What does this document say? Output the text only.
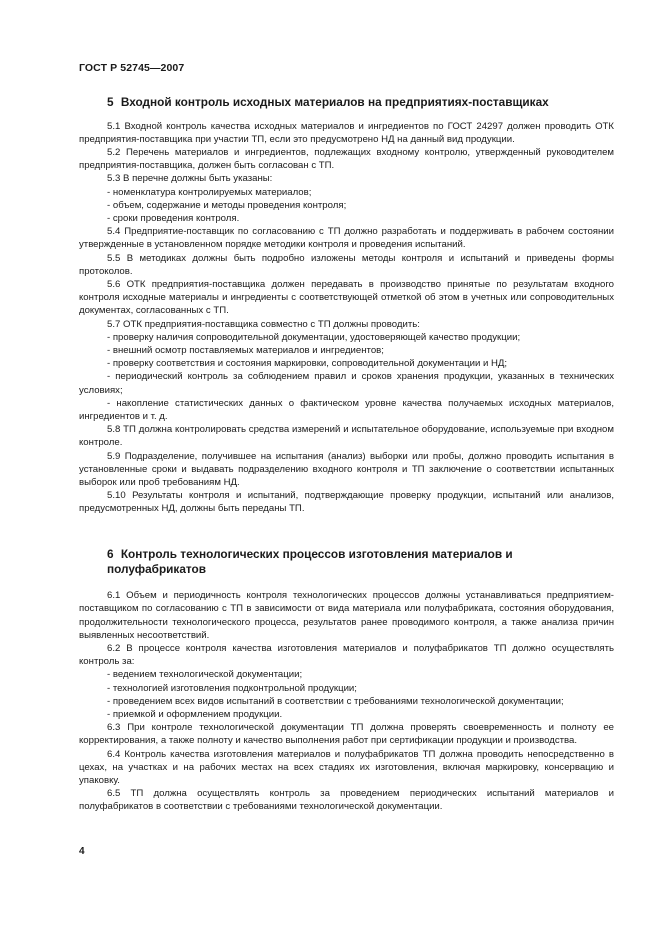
ГОСТ Р 52745—2007
5 Входной контроль исходных материалов на предприятиях-поставщиках

5.1 Входной контроль качества исходных материалов и ингредиентов по ГОСТ 24297 должен проводить ОТК предприятия-поставщика при участии ТП, если это предусмотрено НД на данный вид продукции.

5.2 Перечень материалов и ингредиентов, подлежащих входному контролю, утвержденный руководителем предприятия-поставщика, должен быть согласован с ТП.

5.3 В перечне должны быть указаны:

- номенклатура контролируемых материалов;

- объем, содержание и методы проведения контроля;

- сроки проведения контроля.

5.4 Предприятие-поставщик по согласованию с ТП должно разработать и поддерживать в рабочем состоянии утвержденные в установленном порядке методики контроля и проведения испытаний.

5.5 В методиках должны быть подробно изложены методы контроля и испытаний и приведены формы протоколов.

5.6 ОТК предприятия-поставщика должен передавать в производство принятые по результатам входного контроля исходные материалы и ингредиенты с соответствующей отметкой об этом в учетных или сопроводительных документах, согласованных с ТП.

5.7 ОТК предприятия-поставщика совместно с ТП должны проводить:

- проверку наличия сопроводительной документации, удостоверяющей качество продукции;

- внешний осмотр поставляемых материалов и ингредиентов;

- проверку соответствия и состояния маркировки, сопроводительной документации и НД;

- периодический контроль за соблюдением правил и сроков хранения продукции, указанных в технических условиях;

- накопление статистических данных о фактическом уровне качества получаемых исходных материалов, ингредиентов и т. д.

5.8 ТП должна контролировать средства измерений и испытательное оборудование, используемые при входном контроле.

5.9 Подразделение, получившее на испытания (анализ) выборки или пробы, должно проводить испытания в установленные сроки и выдавать подразделению входного контроля и ТП заключение о соответствии испытанных выборок или проб требованиям НД.

5.10 Результаты контроля и испытаний, подтверждающие проверку продукции, испытаний или анализов, предусмотренных НД, должны быть переданы ТП.

6 Контроль технологических процессов изготовления материалов и полуфабрикатов

6.1 Объем и периодичность контроля технологических процессов должны устанавливаться предприятием-поставщиком по согласованию с ТП в зависимости от вида материала или полуфабриката, состояния оборудования, продолжительности технологического процесса, результатов ранее проводимого контроля, а также анализа причин выявленных несоответствий.

6.2 В процессе контроля качества изготовления материалов и полуфабрикатов ТП должно осуществлять контроль за:

- ведением технологической документации;

- технологией изготовления подконтрольной продукции;

- проведением всех видов испытаний в соответствии с требованиями технологической документации;

- приемкой и оформлением продукции.

6.3 При контроле технологической документации ТП должна проверять своевременность и полноту ее корректирования, а также полноту и качество выполнения работ при сертификации продукции и производства.

6.4 Контроль качества изготовления материалов и полуфабрикатов ТП должна проводить непосредственно в цехах, на участках и на рабочих местах на всех стадиях их изготовления, включая маркировку, консервацию и упаковку.

6.5 ТП должна осуществлять контроль за проведением периодических испытаний материалов и полуфабрикатов в соответствии с требованиями технологической документации.

4
